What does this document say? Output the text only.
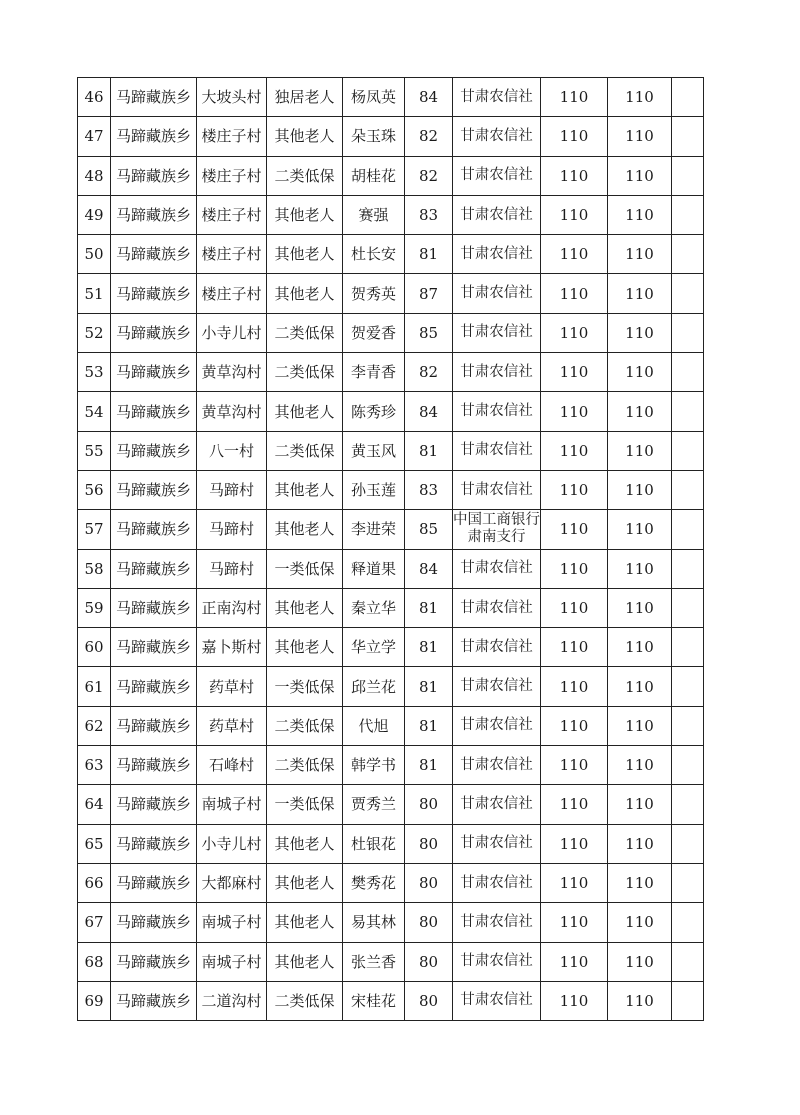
46	马蹄藏族乡	大坡头村	独居老人	杨凤英	84	甘肃农信社	110	110	
47	马蹄藏族乡	楼庄子村	其他老人	朵玉珠	82	甘肃农信社	110	110	
48	马蹄藏族乡	楼庄子村	二类低保	胡桂花	82	甘肃农信社	110	110	
49	马蹄藏族乡	楼庄子村	其他老人	赛强	83	甘肃农信社	110	110	
50	马蹄藏族乡	楼庄子村	其他老人	杜长安	81	甘肃农信社	110	110	
51	马蹄藏族乡	楼庄子村	其他老人	贺秀英	87	甘肃农信社	110	110	
52	马蹄藏族乡	小寺儿村	二类低保	贺爱香	85	甘肃农信社	110	110	
53	马蹄藏族乡	黄草沟村	二类低保	李青香	82	甘肃农信社	110	110	
54	马蹄藏族乡	黄草沟村	其他老人	陈秀珍	84	甘肃农信社	110	110	
55	马蹄藏族乡	八一村	二类低保	黄玉风	81	甘肃农信社	110	110	
56	马蹄藏族乡	马蹄村	其他老人	孙玉莲	83	甘肃农信社	110	110	
57	马蹄藏族乡	马蹄村	其他老人	李进荣	85	中国工商银行肃南支行	110	110	
58	马蹄藏族乡	马蹄村	一类低保	释道果	84	甘肃农信社	110	110	
59	马蹄藏族乡	正南沟村	其他老人	秦立华	81	甘肃农信社	110	110	
60	马蹄藏族乡	嘉卜斯村	其他老人	华立学	81	甘肃农信社	110	110	
61	马蹄藏族乡	药草村	一类低保	邱兰花	81	甘肃农信社	110	110	
62	马蹄藏族乡	药草村	二类低保	代旭	81	甘肃农信社	110	110	
63	马蹄藏族乡	石峰村	二类低保	韩学书	81	甘肃农信社	110	110	
64	马蹄藏族乡	南城子村	一类低保	贾秀兰	80	甘肃农信社	110	110	
65	马蹄藏族乡	小寺儿村	其他老人	杜银花	80	甘肃农信社	110	110	
66	马蹄藏族乡	大都麻村	其他老人	樊秀花	80	甘肃农信社	110	110	
67	马蹄藏族乡	南城子村	其他老人	易其林	80	甘肃农信社	110	110	
68	马蹄藏族乡	南城子村	其他老人	张兰香	80	甘肃农信社	110	110	
69	马蹄藏族乡	二道沟村	二类低保	宋桂花	80	甘肃农信社	110	110	
